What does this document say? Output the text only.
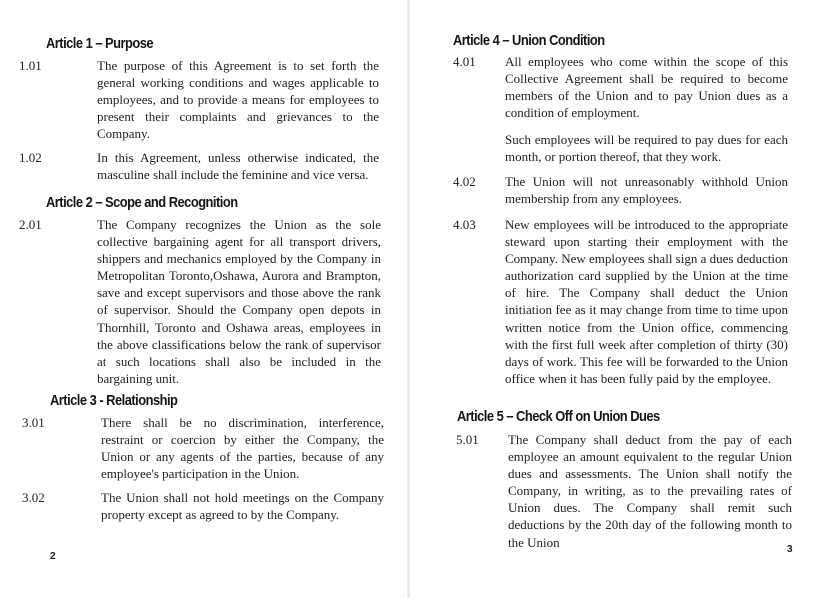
Article 1 – Purpose
1.01	The purpose of this Agreement is to set forth the general working conditions and wages applicable to employees, and to provide a means for employees to present their complaints and grievances to the Company.

1.02	In this Agreement, unless otherwise indicated, the masculine shall include the feminine and vice versa.

Article 2 – Scope and Recognition
2.01	The Company recognizes the Union as the sole collective bargaining agent for all transport drivers, shippers and mechanics employed by the Company in Metropolitan Toronto,Oshawa, Aurora and Brampton, save and except supervisors and those above the rank of supervisor. Should the Company open depots in Thornhill, Toronto and Oshawa areas, employees in the above classifications below the rank of supervisor at such locations shall also be included in the bargaining unit.

Article 3 - Relationship
3.01	There shall be no discrimination, interference, restraint or coercion by either the Company, the Union or any agents of the parties, because of any employee's participation in the Union.

3.02	The Union shall not hold meetings on the Company property except as agreed to by the Company.

2
Article 4 – Union Condition
4.01 All employees who come within the scope of this Collective Agreement shall be required to become members of the Union and to pay Union dues as a condition of employment.

Such employees will be required to pay dues for each month, or portion thereof, that they work.

4.02 The Union will not unreasonably withhold Union membership from any employees.

4.03 New employees will be introduced to the appropriate steward upon starting their employment with the Company. New employees shall sign a dues deduction authorization card supplied by the Union at the time of hire. The Company shall deduct the Union initiation fee as it may change from time to time upon written notice from the Union office, commencing with the first full week after completion of thirty (30) days of work. This fee will be forwarded to the Union office when it has been fully paid by the employee.

Article 5 – Check Off on Union Dues
5.01 The Company shall deduct from the pay of each employee an amount equivalent to the regular Union dues and assessments. The Union shall notify the Company, in writing, as to the prevailing rates of Union dues. The Company shall remit such deductions by the 20th day of the following month to the Union	3
